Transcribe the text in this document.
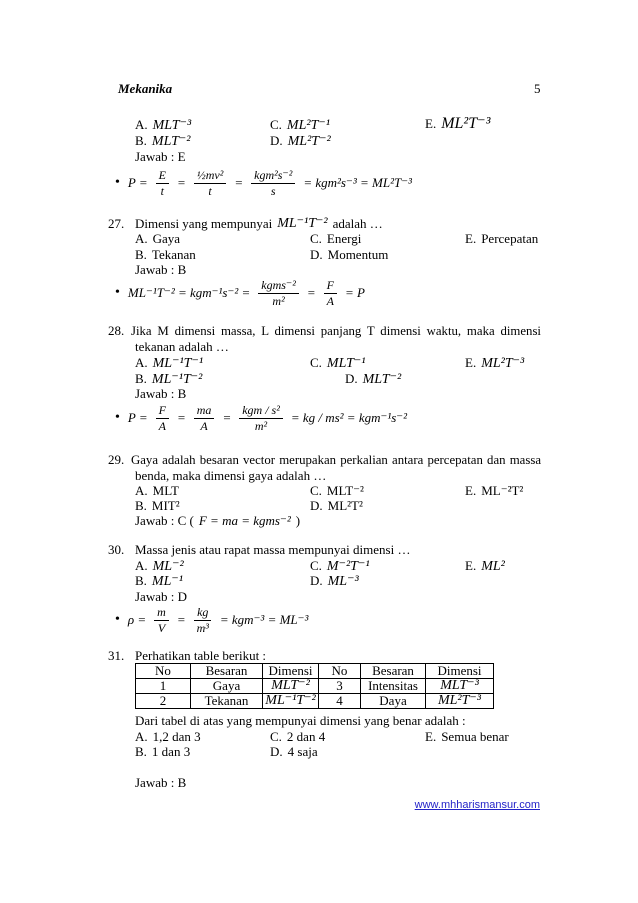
Mekanika	5
A. MLT⁻³	C. ML²T⁻¹	E. ML²T⁻³
B. MLT⁻²	D. ML²T⁻²
Jawab : E
• $P = \frac{E}{t} = \frac{\text{½mv²}}{t} = \frac{\text{kgm²s⁻²}}{s} = kgm^2s^{-3} = ML^2T^{-3}$
27. Dimensi yang mempunyai ML⁻¹T⁻² adalah …
A. Gaya	C. Energi	E. Percepatan
B. Tekanan	D. Momentum
Jawab : B
• $ML^{-1}T^{-2} = kgm^{-1}s^{-2} = \frac{\text{kgms⁻²}}{\text{m²}} = \frac{F}{A} = P$
28. Jika M dimensi massa, L dimensi panjang T dimensi waktu, maka dimensi
tekanan adalah …
A. ML⁻¹T⁻¹	C. MLT⁻¹	E. ML²T⁻³
B. ML⁻¹T⁻²	D. MLT⁻²
Jawab : B
• $P = \frac{F}{A} = \frac{ma}{A} = \frac{\text{kgm / s²}}{\text{m²}}$ = kg / ms² = kgm⁻¹s⁻²
29. Gaya adalah besaran vector merupakan perkalian antara percepatan dan massa
benda, maka dimensi gaya adalah …
A. MLT	C. MLT⁻²	E. ML⁻²T²
B. MIT²	D. ML²T²
Jawab : C ( F = ma = kgms⁻² )
30. Massa jenis atau rapat massa mempunyai dimensi …
A. ML⁻²	C. M⁻²T⁻¹	E. ML²
B. ML⁻¹	D. ML⁻³
Jawab : D
• $\rho = \frac{m}{V} = \frac{kg}{\text{m³}} = kgm^{-3} = ML^{-3}$
31. Perhatikan table berikut :
No	Besaran	Dimensi	No	Besaran	Dimensi
1	Gaya	MLT⁻²	3	Intensitas	MLT⁻³
2	Tekanan	ML⁻¹T⁻²	4	Daya	ML²T⁻³
Dari tabel di atas yang mempunyai dimensi yang benar adalah :
A. 1,2 dan 3	C. 2 dan 4	E. Semua benar
B. 1 dan 3	D. 4 saja
Jawab : B
www.mhharismansur.com
